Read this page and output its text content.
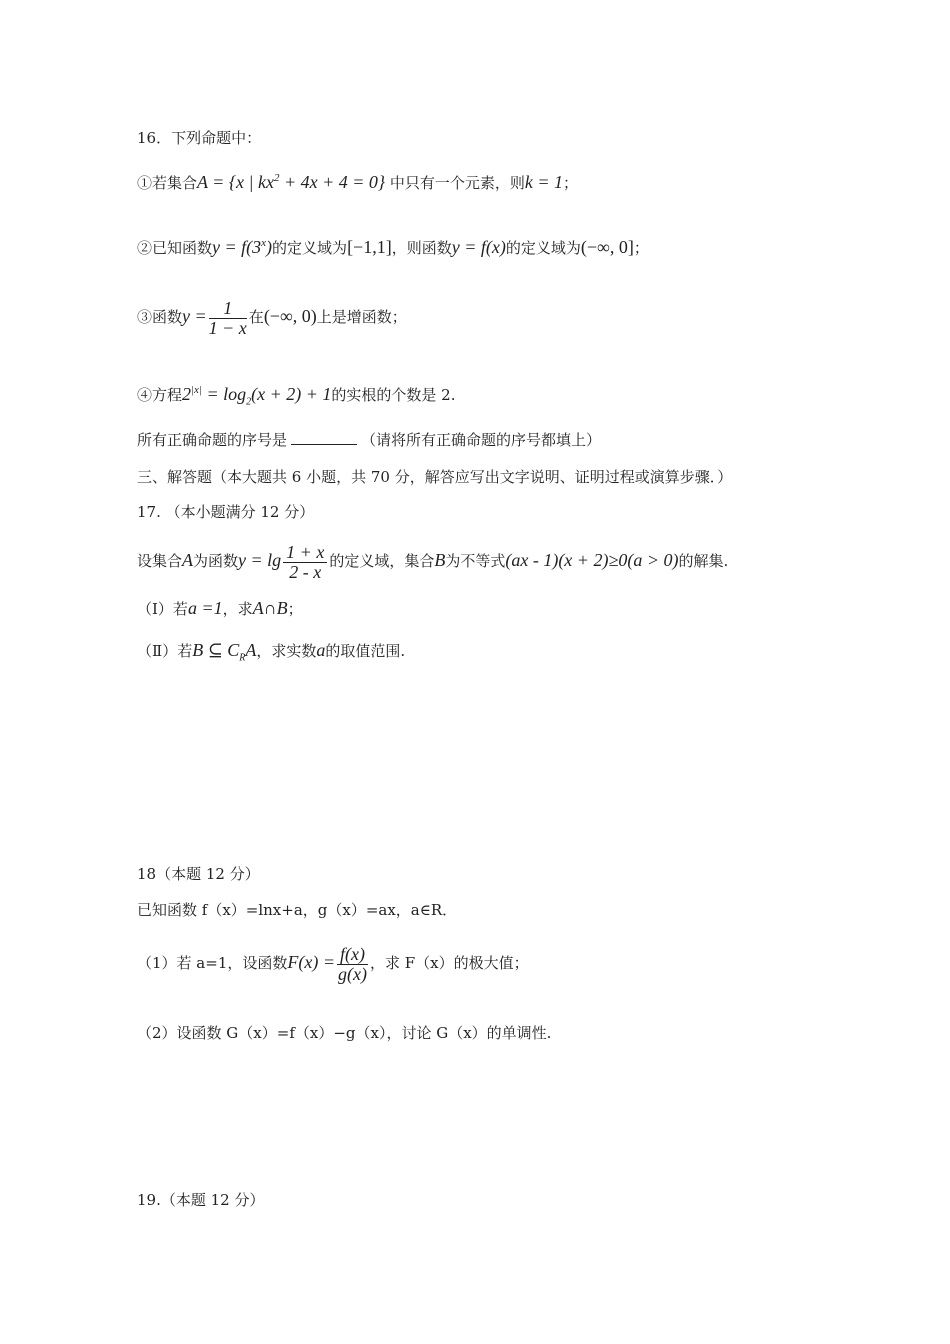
16．下列命题中：
①若集合A = {x | $kx^2 + 4x + 4 = 0$} 中只有一个元素，则k = 1；
②已知函数$y = f(3^x)$的定义域为[−1,1]，则函数y = f(x)的定义域为(−∞, 0]；
③函数$y = \frac{1}{1 - x}$ 在(−∞, 0)上是增函数；
④方程$2^{|x|} = \log_2(x + 2) + 1$的实根的个数是 2.
所有正确命题的序号是	（请将所有正确命题的序号都填上）
三、解答题（本大题共 6 小题，共 70 分，解答应写出文字说明、证明过程或演算步骤．）
17. （本小题满分 12 分）
设集合A为函数$y = \lg \frac{1 + x}{2 - x}$ 的定义域，集合B为不等式(ax - 1)(x + 2)≥0(a > 0)的解集.
（Ⅰ）若a =1，求A∩B；
（Ⅱ）若B ⊆ $C_RA$，求实数a的取值范围.
18（本题 12 分）
已知函数 f（x）=lnx+a，g（x）=ax，a∈R．
（1）若 a=1，设函数$F(x) = \frac{f(x)}{g(x)}$ ，求 F（x）的极大值；
（2）设函数 G（x）=f（x）−g（x），讨论 G（x）的单调性.
19.（本题 12 分）
